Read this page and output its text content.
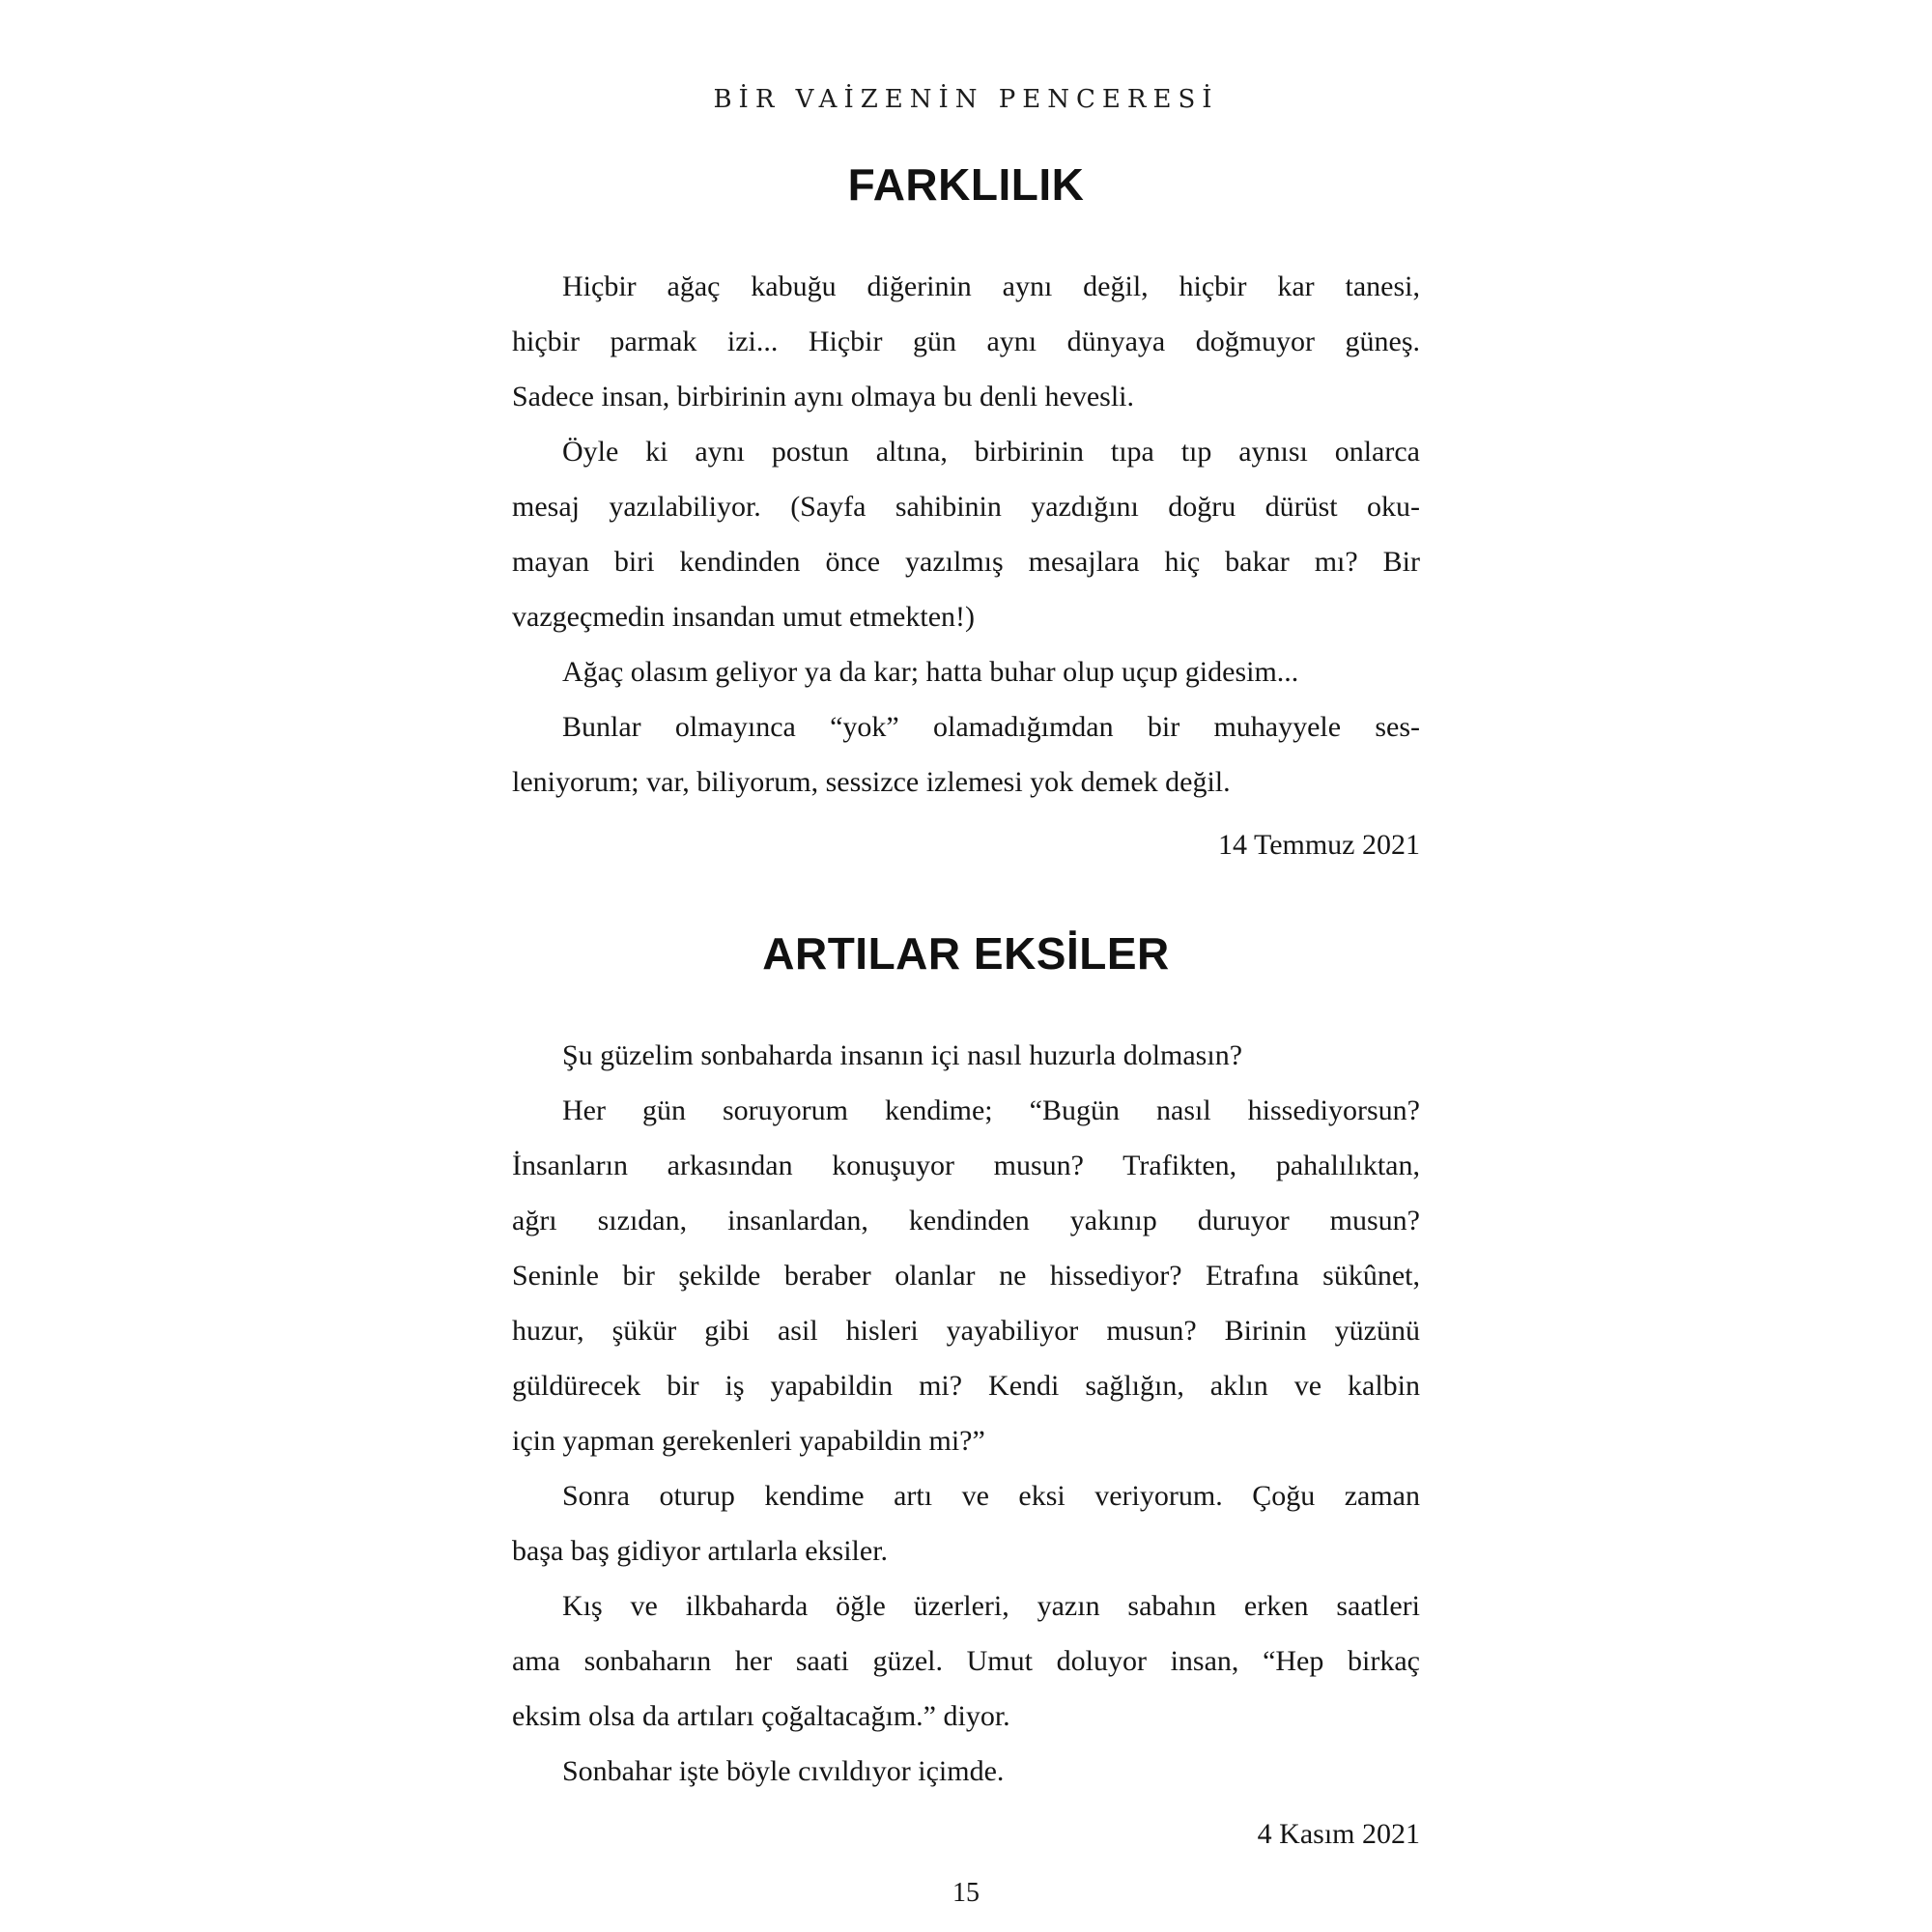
BİR VAİZENİN PENCERESİ
FARKLILIK
Hiçbir ağaç kabuğu diğerinin aynı değil, hiçbir kar tanesi,
hiçbir parmak izi... Hiçbir gün aynı dünyaya doğmuyor güneş.
Sadece insan, birbirinin aynı olmaya bu denli hevesli.
Öyle ki aynı postun altına, birbirinin tıpa tıp aynısı onlarca
mesaj yazılabiliyor. (Sayfa sahibinin yazdığını doğru dürüst oku-
mayan biri kendinden önce yazılmış mesajlara hiç bakar mı? Bir
vazgeçmedin insandan umut etmekten!)
Ağaç olasım geliyor ya da kar; hatta buhar olup uçup gidesim...
Bunlar olmayınca “yok” olamadığımdan bir muhayyele ses-
leniyorum; var, biliyorum, sessizce izlemesi yok demek değil.
14 Temmuz 2021
ARTILAR EKSİLER
Şu güzelim sonbaharda insanın içi nasıl huzurla dolmasın?
Her gün soruyorum kendime; “Bugün nasıl hissediyorsun?
İnsanların arkasından konuşuyor musun? Trafikten, pahalılıktan,
ağrı sızıdan, insanlardan, kendinden yakınıp duruyor musun?
Seninle bir şekilde beraber olanlar ne hissediyor? Etrafına sükûnet,
huzur, şükür gibi asil hisleri yayabiliyor musun? Birinin yüzünü
güldürecek bir iş yapabildin mi? Kendi sağlığın, aklın ve kalbin
için yapman gerekenleri yapabildin mi?”
Sonra oturup kendime artı ve eksi veriyorum. Çoğu zaman
başa baş gidiyor artılarla eksiler.
Kış ve ilkbaharda öğle üzerleri, yazın sabahın erken saatleri
ama sonbaharın her saati güzel. Umut doluyor insan, “Hep birkaç
eksim olsa da artıları çoğaltacağım.” diyor.
Sonbahar işte böyle cıvıldıyor içimde.
4 Kasım 2021
15
